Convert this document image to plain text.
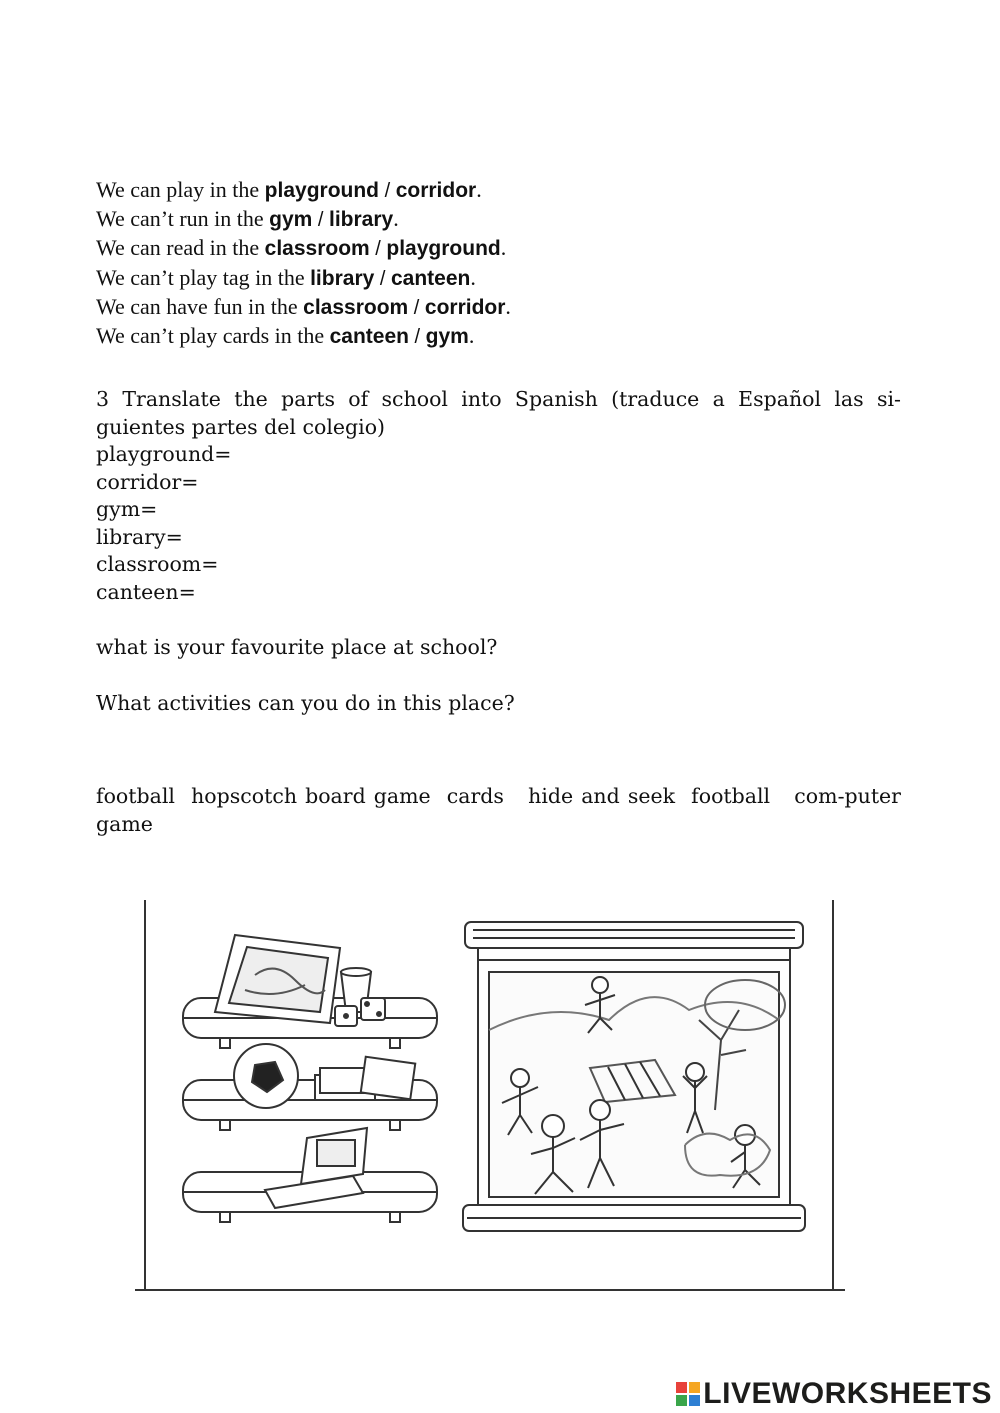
We can play in the playground / corridor.
We can’t run in the gym / library.
We can read in the classroom / playground.
We can’t play tag in the library / canteen.
We can have fun in the classroom / corridor.
We can’t play cards in the canteen / gym.
3 Translate the parts of school into Spanish (traduce a Español las si-guientes partes del colegio)
playground=
corridor=
gym=
library=
classroom=
canteen=
what is your favourite place at school?
What activities can you do in this place?
football  hopscotch board game  cards   hide and seek  football   com-puter game
LIVEWORKSHEETS
